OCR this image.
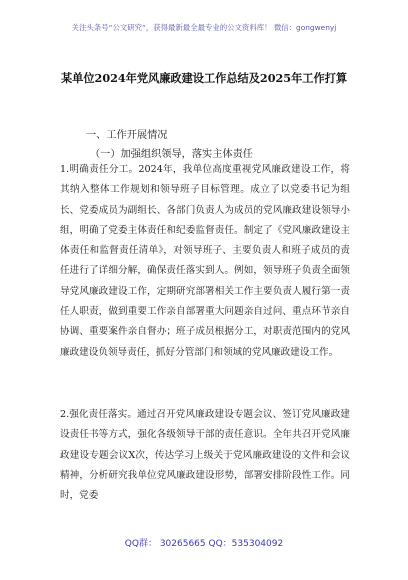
关注头条号“公文研究”，获得最新最全最专业的公文资料库！ 微信：gongwenyj
某单位2024年党风廉政建设工作总结及2025年工作打算
一、工作开展情况
（一）加强组织领导，落实主体责任
1.明确责任分工。2024年，我单位高度重视党风廉政建设工作，将其纳入整体工作规划和领导班子目标管理。成立了以党委书记为组长、党委成员为副组长、各部门负责人为成员的党风廉政建设领导小组，明确了党委主体责任和纪委监督责任。制定了《党风廉政建设主体责任和监督责任清单》，对领导班子、主要负责人和班子成员的责任进行了详细分解，确保责任落实到人。例如，领导班子负责全面领导党风廉政建设工作，定期研究部署相关工作主要负责人履行第一责任人职责，做到重要工作亲自部署重大问题亲自过问、重点环节亲自协调、重要案件亲自督办；班子成员根据分工，对职责范围内的党风廉政建设负领导责任，抓好分管部门和领域的党风廉政建设工作。
2.强化责任落实。通过召开党风廉政建设专题会议、签订党风廉政建设责任书等方式，强化各级领导干部的责任意识。全年共召开党风廉政建设专题会议X次，传达学习上级关于党风廉政建设的文件和会议精神，分析研究我单位党风廉政建设形势，部署安排阶段性工作。同时，党委
QQ群： 30265665 QQ：535304092
